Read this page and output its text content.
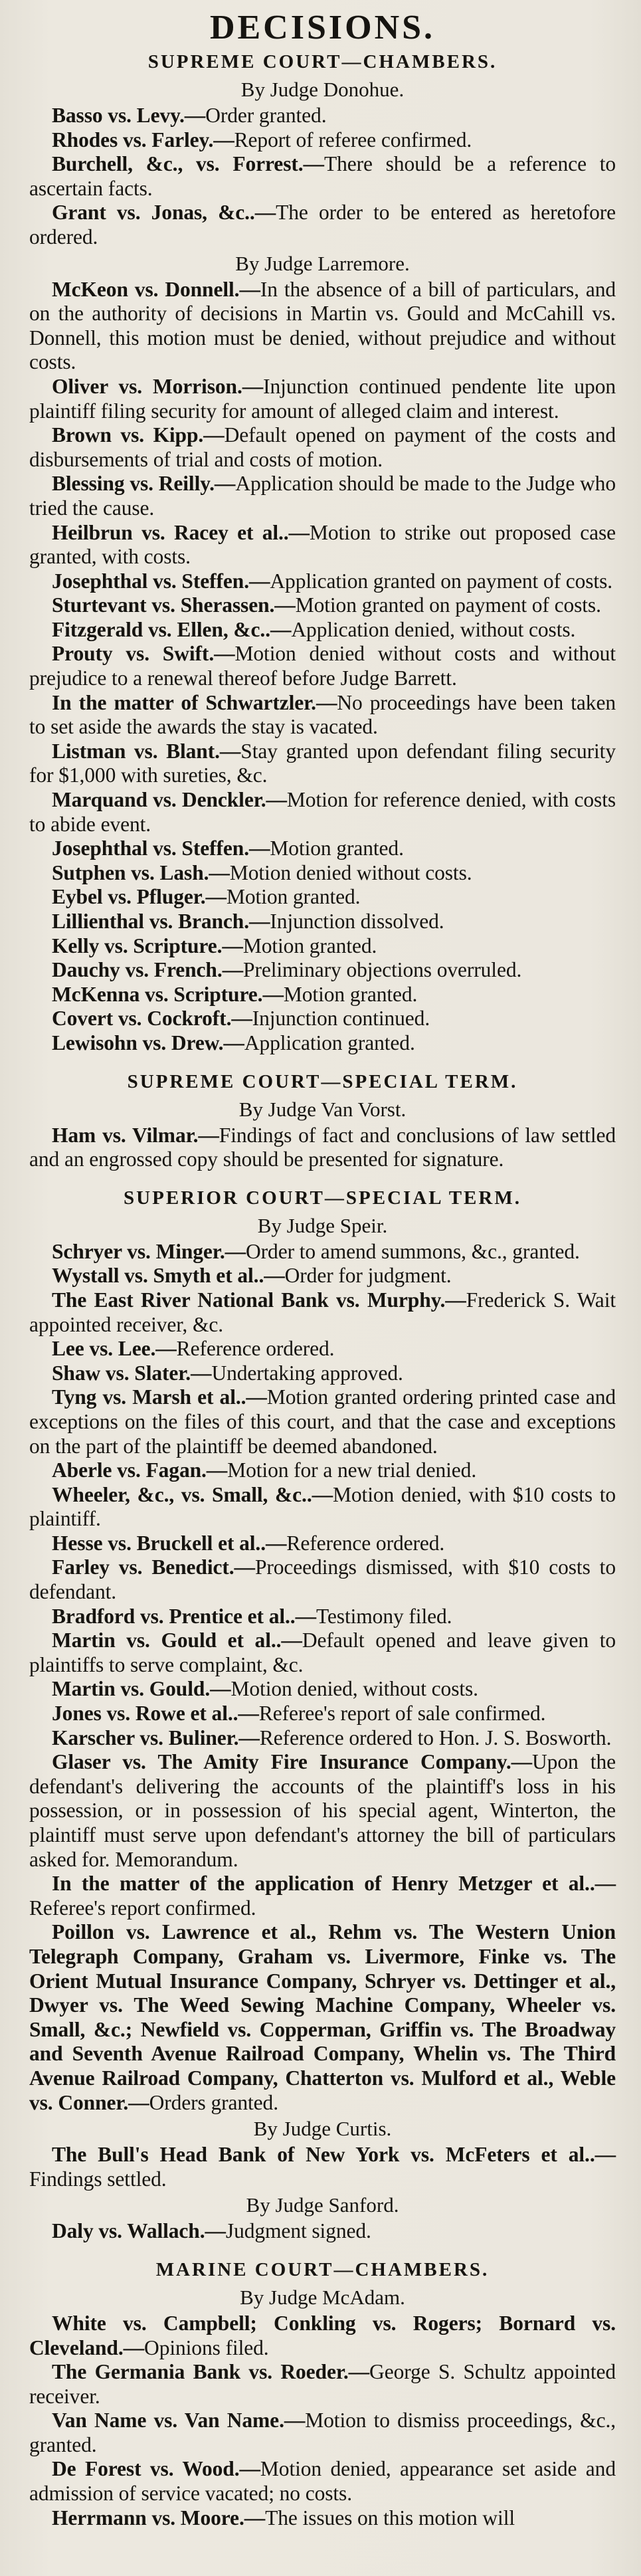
DECISIONS.
SUPREME COURT—CHAMBERS.
By Judge Donohue.

Basso vs. Levy.—Order granted.

Rhodes vs. Farley.—Report of referee confirmed.

Burchell, &c., vs. Forrest.—There should be a reference to ascertain facts.

Grant vs. Jonas, &c..—The order to be entered as heretofore ordered.

By Judge Larremore.

McKeon vs. Donnell.—In the absence of a bill of particulars, and on the authority of decisions in Martin vs. Gould and McCahill vs. Donnell, this motion must be denied, without prejudice and without costs.

Oliver vs. Morrison.—Injunction continued pendente lite upon plaintiff filing security for amount of alleged claim and interest.

Brown vs. Kipp.—Default opened on payment of the costs and disbursements of trial and costs of motion.

Blessing vs. Reilly.—Application should be made to the Judge who tried the cause.

Heilbrun vs. Racey et al..—Motion to strike out proposed case granted, with costs.

Josephthal vs. Steffen.—Application granted on payment of costs.

Sturtevant vs. Sherassen.—Motion granted on payment of costs.

Fitzgerald vs. Ellen, &c..—Application denied, without costs.

Prouty vs. Swift.—Motion denied without costs and without prejudice to a renewal thereof before Judge Barrett.

In the matter of Schwartzler.—No proceedings have been taken to set aside the awards the stay is vacated.

Listman vs. Blant.—Stay granted upon defendant filing security for $1,000 with sureties, &c.

Marquand vs. Denckler.—Motion for reference denied, with costs to abide event.

Josephthal vs. Steffen.—Motion granted.

Sutphen vs. Lash.—Motion denied without costs.

Eybel vs. Pfluger.—Motion granted.

Lillienthal vs. Branch.—Injunction dissolved.

Kelly vs. Scripture.—Motion granted.

Dauchy vs. French.—Preliminary objections overruled.

McKenna vs. Scripture.—Motion granted.

Covert vs. Cockroft.—Injunction continued.

Lewisohn vs. Drew.—Application granted.

SUPREME COURT—SPECIAL TERM.
By Judge Van Vorst.

Ham vs. Vilmar.—Findings of fact and conclusions of law settled and an engrossed copy should be presented for signature.

SUPERIOR COURT—SPECIAL TERM.
By Judge Speir.

Schryer vs. Minger.—Order to amend summons, &c., granted.

Wystall vs. Smyth et al..—Order for judgment.

The East River National Bank vs. Murphy.—Frederick S. Wait appointed receiver, &c.

Lee vs. Lee.—Reference ordered.

Shaw vs. Slater.—Undertaking approved.

Tyng vs. Marsh et al..—Motion granted ordering printed case and exceptions on the files of this court, and that the case and exceptions on the part of the plaintiff be deemed abandoned.

Aberle vs. Fagan.—Motion for a new trial denied.

Wheeler, &c., vs. Small, &c..—Motion denied, with $10 costs to plaintiff.

Hesse vs. Bruckell et al..—Reference ordered.

Farley vs. Benedict.—Proceedings dismissed, with $10 costs to defendant.

Bradford vs. Prentice et al..—Testimony filed.

Martin vs. Gould et al..—Default opened and leave given to plaintiffs to serve complaint, &c.

Martin vs. Gould.—Motion denied, without costs.

Jones vs. Rowe et al..—Referee's report of sale confirmed.

Karscher vs. Buliner.—Reference ordered to Hon. J. S. Bosworth.

Glaser vs. The Amity Fire Insurance Company.—Upon the defendant's delivering the accounts of the plaintiff's loss in his possession, or in possession of his special agent, Winterton, the plaintiff must serve upon defendant's attorney the bill of particulars asked for. Memorandum.

In the matter of the application of Henry Metzger et al..—Referee's report confirmed.

Poillon vs. Lawrence et al., Rehm vs. The Western Union Telegraph Company, Graham vs. Livermore, Finke vs. The Orient Mutual Insurance Company, Schryer vs. Dettinger et al., Dwyer vs. The Weed Sewing Machine Company, Wheeler vs. Small, &c.; Newfield vs. Copperman, Griffin vs. The Broadway and Seventh Avenue Railroad Company, Whelin vs. The Third Avenue Railroad Company, Chatterton vs. Mulford et al., Weble vs. Conner.—Orders granted.

By Judge Curtis.

The Bull's Head Bank of New York vs. McFeters et al..—Findings settled.

By Judge Sanford.

Daly vs. Wallach.—Judgment signed.

MARINE COURT—CHAMBERS.
By Judge McAdam.

White vs. Campbell; Conkling vs. Rogers; Bornard vs. Cleveland.—Opinions filed.

The Germania Bank vs. Roeder.—George S. Schultz appointed receiver.

Van Name vs. Van Name.—Motion to dismiss proceedings, &c., granted.

De Forest vs. Wood.—Motion denied, appearance set aside and admission of service vacated; no costs.

Herrmann vs. Moore.—The issues on this motion will
